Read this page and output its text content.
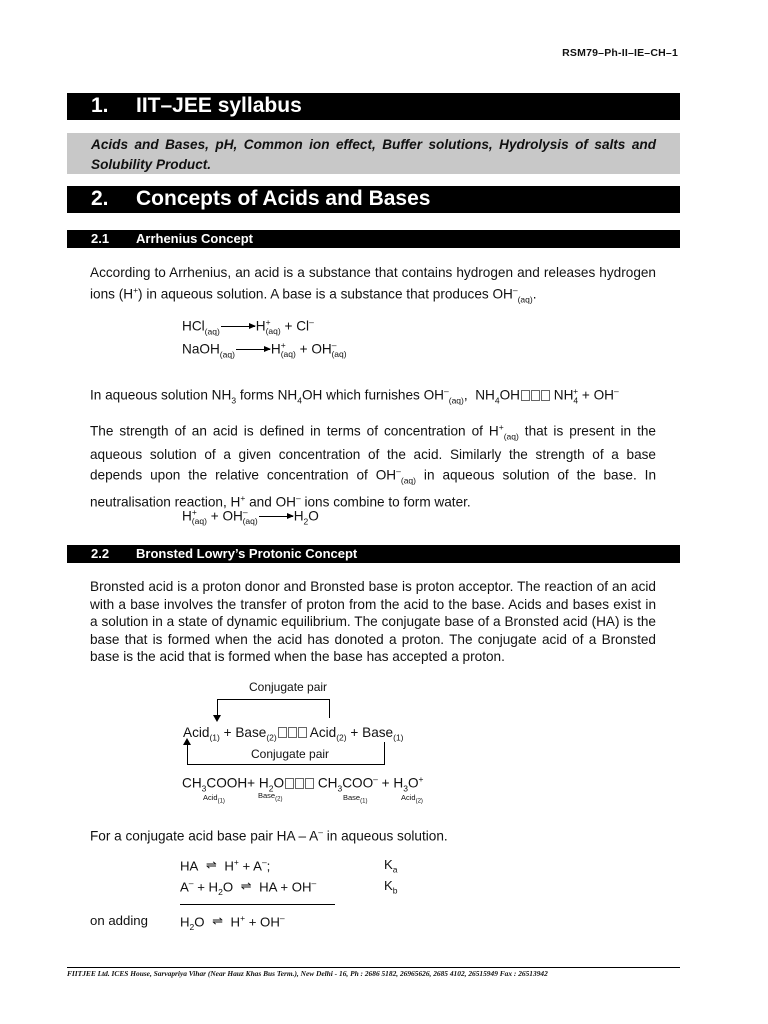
RSM79–Ph-II–IE–CH–1
1. IIT–JEE syllabus
Acids and Bases, pH, Common ion effect, Buffer solutions, Hydrolysis of salts and Solubility Product.
2. Concepts of Acids and Bases
2.1 Arrhenius Concept
According to Arrhenius, an acid is a substance that contains hydrogen and releases hydrogen ions (H+) in aqueous solution. A base is a substance that produces $OH^-_{(aq)}$.
HCl$_{(aq)}$	$H^+_{(aq)} + Cl^-$
NaOH$_{(aq)}$	$H^+_{(aq)} + OH^-_{(aq)}$
In aqueous solution $NH_3$ forms $NH_4OH$ which furnishes $OH^-_{(aq)}$, $NH_4OH$ $NH_4^+ + OH^-$
The strength of an acid is defined in terms of concentration of $H^+_{(aq)}$ that is present in the aqueous solution of a given concentration of the acid. Similarly the strength of a base depends upon the relative concentration of $OH^-_{(aq)}$ in aqueous solution of the base. In neutralisation reaction, H+ and OH– ions combine to form water.
$H^+_{(aq)} + OH^-_{(aq)}$	$H_2O$
2.2 Bronsted Lowry’s Protonic Concept
Bronsted acid is a proton donor and Bronsted base is proton acceptor. The reaction of an acid with a base involves the transfer of proton from the acid to the base. Acids and bases exist in a solution in a state of dynamic equilibrium. The conjugate base of a Bronsted acid (HA) is the base that is formed when the acid has donoted a proton. The conjugate acid of a Bronsted base is the acid that is formed when the base has accepted a proton.
Conjugate pair
Acid$_{(1)}$ + Base$_{(2)}$ Acid$_{(2)}$ + Base$_{(1)}$
Conjugate pair
$CH_3COOH+ H_2O$ $CH_3COO^- + H_3O^+$
Acid$_{(1)}$
Base$_{(2)}$	Base$_{(1)}$	Acid$_{(2)}$
For a conjugate acid base pair HA – A– in aqueous solution.
HA ⇌ H+ + A–;	$K_a$
$A^- + H_2O$ ⇌ HA + OH–	$K_b$
on adding $H_2O$ ⇌ H+ + OH–
FIITJEE Ltd. ICES House, Sarvapriya Vihar (Near Hauz Khas Bus Term.), New Delhi - 16, Ph : 2686 5182, 26965626, 2685 4102, 26515949 Fax : 26513942
